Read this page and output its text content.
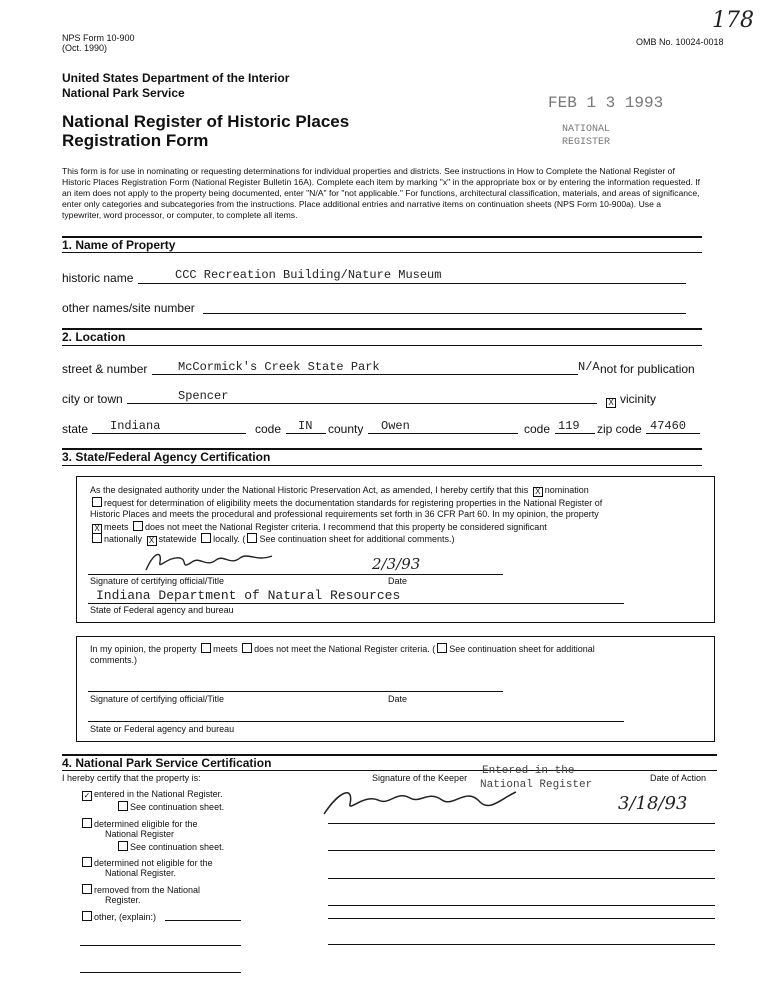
NPS Form 10-900
(Oct. 1990)
OMB No. 10024-0018
178
United States Department of the Interior
National Park Service
National Register of Historic Places
Registration Form
FEB 1 3 1993
NATIONAL
REGISTER
This form is for use in nominating or requesting determinations for individual properties and districts. See instructions in How to Complete the National Register of Historic Places Registration Form (National Register Bulletin 16A). Complete each item by marking "x" in the appropriate box or by entering the information requested. If an item does not apply to the property being documented, enter "N/A" for "not applicable." For functions, architectural classification, materials, and areas of significance, enter only categories and subcategories from the instructions. Place additional entries and narrative items on continuation sheets (NPS Form 10-900a). Use a typewriter, word processor, or computer, to complete all items.
1. Name of Property
historic name	CCC Recreation Building/Nature Museum
other names/site number
2. Location
street & number	McCormick's Creek State Park	N/A not for publication
city or town	Spencer	X vicinity
state Indiana	code IN county Owen	code 119 zip code 47460
3. State/Federal Agency Certification
As the designated authority under the National Historic Preservation Act, as amended, I hereby certify that this X nomination
request for determination of eligibility meets the documentation standards for registering properties in the National Register of
Historic Places and meets the procedural and professional requirements set forth in 36 CFR Part 60. In my opinion, the property
X meets does not meet the National Register criteria. I recommend that this property be considered significant
nationally X statewide locally. ( See continuation sheet for additional comments.)
2/3/93
Signature of certifying official/Title	Date
Indiana Department of Natural Resources
State of Federal agency and bureau
In my opinion, the property meets does not meet the National Register criteria. ( See continuation sheet for additional
comments.)
Signature of certifying official/Title	Date
State or Federal agency and bureau
4. National Park Service Certification
I hereby certify that the property is:	Signature of the Keeper	Date of Action
Entered in the
National Register
3/18/93
✓ entered in the National Register.
See continuation sheet.
determined eligible for the
National Register
See continuation sheet.
determined not eligible for the
National Register.
removed from the National
Register.
other, (explain:)
